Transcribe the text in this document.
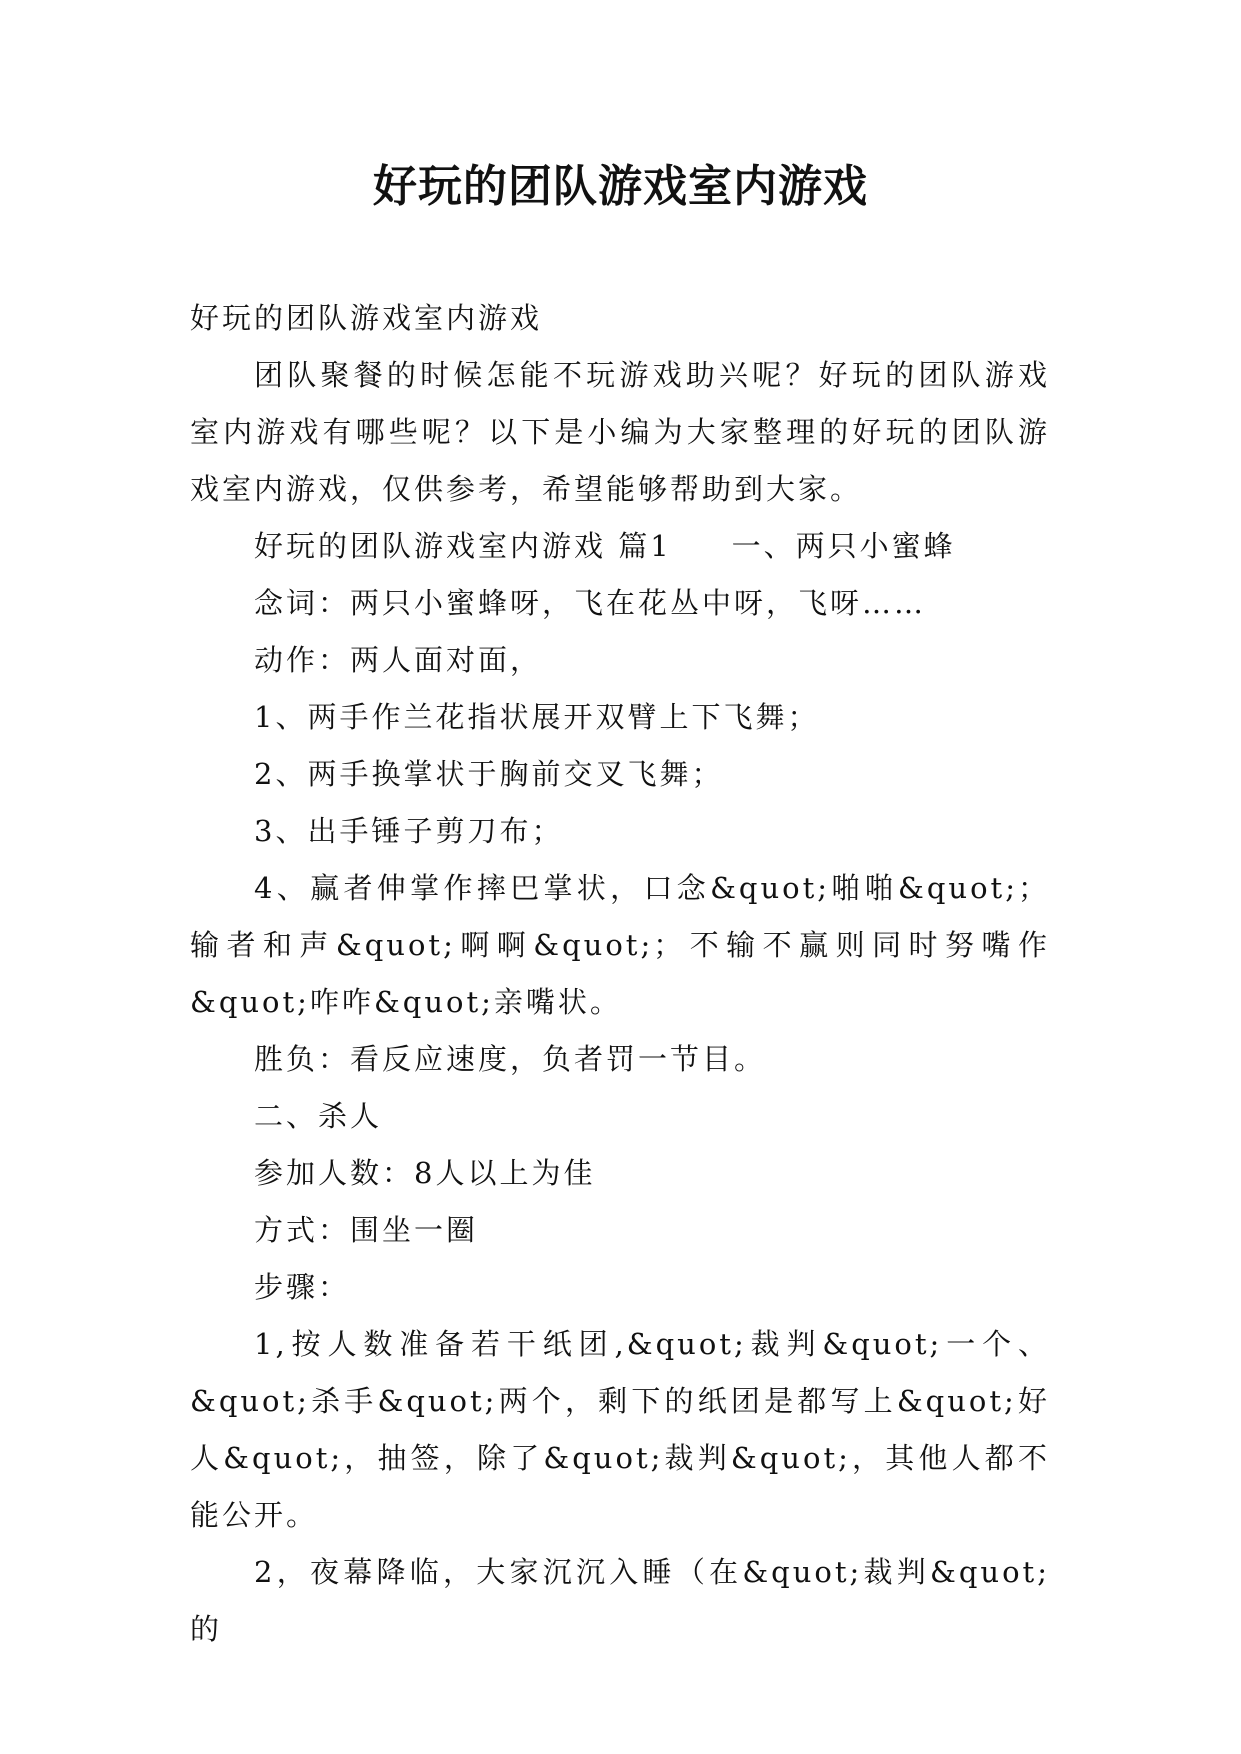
好玩的团队游戏室内游戏

好玩的团队游戏室内游戏

团队聚餐的时候怎能不玩游戏助兴呢？好玩的团队游戏室内游戏有哪些呢？以下是小编为大家整理的好玩的团队游戏室内游戏，仅供参考，希望能够帮助到大家。

好玩的团队游戏室内游戏 篇1 一、两只小蜜蜂

念词：两只小蜜蜂呀，飞在花丛中呀，飞呀……

动作：两人面对面，

1、两手作兰花指状展开双臂上下飞舞；

2、两手换掌状于胸前交叉飞舞；

3、出手锤子剪刀布；

4、赢者伸掌作摔巴掌状，口念&quot;啪啪&quot;；输者和声&quot;啊啊&quot;；不输不赢则同时努嘴作&quot;咋咋&quot;亲嘴状。

胜负：看反应速度，负者罚一节目。

二、杀人

参加人数：8人以上为佳

方式：围坐一圈

步骤：

1,按人数准备若干纸团,&quot;裁判&quot;一个、&quot;杀手&quot;两个，剩下的纸团是都写上&quot;好人&quot;，抽签，除了&quot;裁判&quot;，其他人都不能公开。

2，夜幕降临，大家沉沉入睡（在&quot;裁判&quot;的
